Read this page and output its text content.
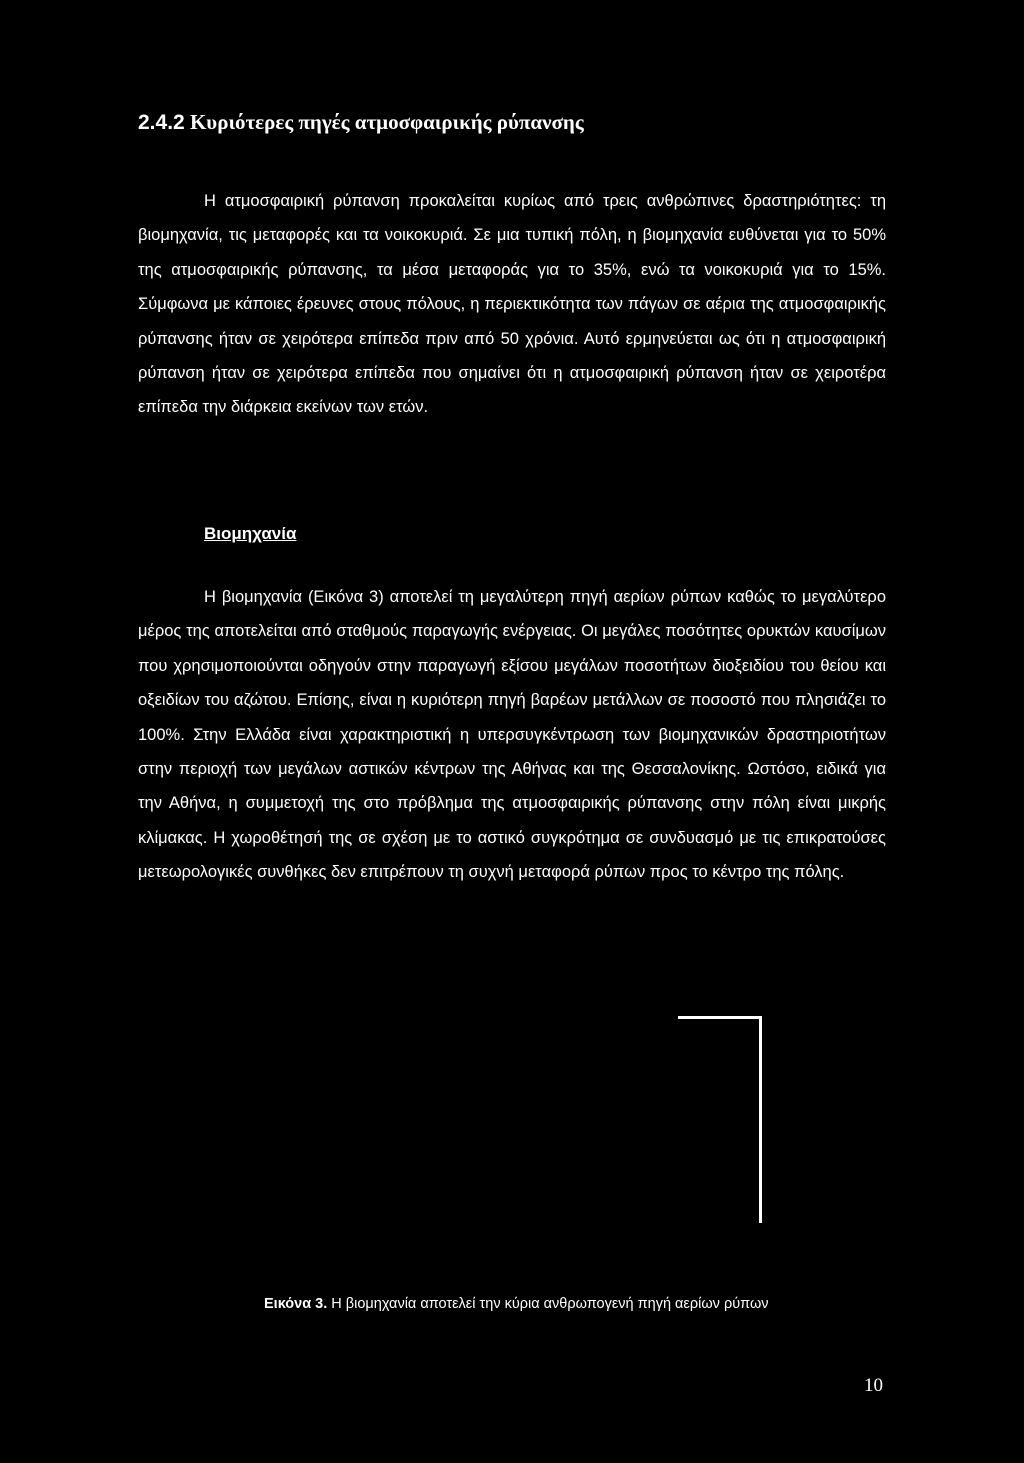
2.4.2 Κυριότερες πηγές ατμοσφαιρικής ρύπανσης

Η ατμοσφαιρική ρύπανση προκαλείται κυρίως από τρεις ανθρώπινες δραστηριότητες: τη βιομηχανία, τις μεταφορές και τα νοικοκυριά. Σε μια τυπική πόλη, η βιομηχανία ευθύνεται για το 50% της ατμοσφαιρικής ρύπανσης, τα μέσα μεταφοράς για το 35%, ενώ τα νοικοκυριά για το 15%. Σύμφωνα με κάποιες έρευνες στους πόλους, η περιεκτικότητα των πάγων σε αέρια της ατμοσφαιρικής ρύπανσης ήταν σε χειρότερα επίπεδα πριν από 50 χρόνια. Αυτό ερμηνεύεται ως ότι η ατμοσφαιρική ρύπανση ήταν σε χειρότερα επίπεδα που σημαίνει ότι η ατμοσφαιρική ρύπανση ήταν σε χειροτέρα επίπεδα την διάρκεια εκείνων των ετών.

Βιομηχανία

Η βιομηχανία (Εικόνα 3) αποτελεί τη μεγαλύτερη πηγή αερίων ρύπων καθώς το μεγαλύτερο μέρος της αποτελείται από σταθμούς παραγωγής ενέργειας. Οι μεγάλες ποσότητες ορυκτών καυσίμων που χρησιμοποιούνται οδηγούν στην παραγωγή εξίσου μεγάλων ποσοτήτων διοξειδίου του θείου και οξειδίων του αζώτου. Επίσης, είναι η κυριότερη πηγή βαρέων μετάλλων σε ποσοστό που πλησιάζει το 100%. Στην Ελλάδα είναι χαρακτηριστική η υπερσυγκέντρωση των βιομηχανικών δραστηριοτήτων στην περιοχή των μεγάλων αστικών κέντρων της Αθήνας και της Θεσσαλονίκης. Ωστόσο, ειδικά για την Αθήνα, η συμμετοχή της στο πρόβλημα της ατμοσφαιρικής ρύπανσης στην πόλη είναι μικρής κλίμακας. Η χωροθέτησή της σε σχέση με το αστικό συγκρότημα σε συνδυασμό με τις επικρατούσες μετεωρολογικές συνθήκες δεν επιτρέπουν τη συχνή μεταφορά ρύπων προς το κέντρο της πόλης.

Εικόνα 3. Η βιομηχανία αποτελεί την κύρια ανθρωπογενή πηγή αερίων ρύπων

10
